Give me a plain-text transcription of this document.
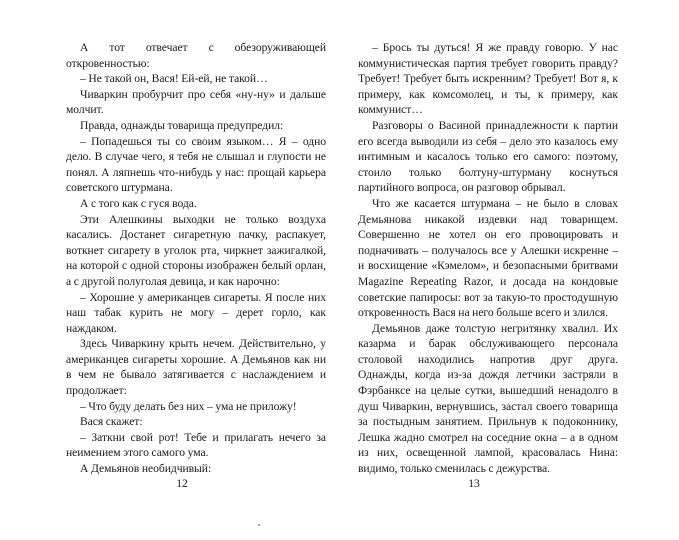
А тот отвечает с обезоруживающей откровенностью:

– Не такой он, Вася! Ей-ей, не такой…

Чиваркин пробурчит про себя «ну-ну» и дальше молчит.

Правда, однажды товарища предупредил:

– Попадешься ты со своим языком… Я – одно дело. В случае чего, я тебя не слышал и глупости не понял. А ляпнешь что-нибудь у нас: прощай карьера советского штурмана.

А с того как с гуся вода.

Эти Алешкины выходки не только воздуха касались. Достанет сигаретную пачку, распакует, воткнет сигарету в уголок рта, чиркнет зажигалкой, на которой с одной стороны изображен белый орлан, а с другой полуголая девица, и как нарочно:

– Хорошие у американцев сигареты. Я после них наш табак курить не могу – дерет горло, как наждаком.

Здесь Чиваркину крыть нечем. Действительно, у американцев сигареты хорошие. А Демьянов как ни в чем не бывало затягивается с наслаждением и продолжает:

– Что буду делать без них – ума не приложу!

Вася скажет:

– Заткни свой рот! Тебе и прилагать нечего за неимением этого самого ума.

А Демьянов необидчивый:

12

– Брось ты дуться! Я же правду говорю. У нас коммунистическая партия требует говорить правду? Требует! Требует быть искренним? Требует! Вот я, к примеру, как комсомолец, и ты, к примеру, как коммунист…

Разговоры о Васиной принадлежности к партии его всегда выводили из себя – дело это казалось ему интимным и касалось только его самого: поэтому, стоило только болтуну-штурману коснуться партийного вопроса, он разговор обрывал.

Что же касается штурмана – не было в словах Демьянова никакой издевки над товарищем. Совершенно не хотел он его провоцировать и подначивать – получалось все у Алешки искренне – и восхищение «Кэмелом», и безопасными бритвами Magazine Repeating Razor, и досада на кондовые советские папиросы: вот за такую-то простодушную откровенность Вася на него больше всего и злился.

Демьянов даже толстую негритянку хвалил. Их казарма и барак обслуживающего персонала столовой находились напротив друг друга. Однажды, когда из-за дождя летчики застряли в Фэрбанксе на целые сутки, вышедший ненадолго в душ Чиваркин, вернувшись, застал своего товарища за постыдным занятием. Прильнув к подоконнику, Лешка жадно смотрел на соседние окна – а в одном из них, освещенной лампой, красовалась Нина: видимо, только сменилась с дежурства.

13
